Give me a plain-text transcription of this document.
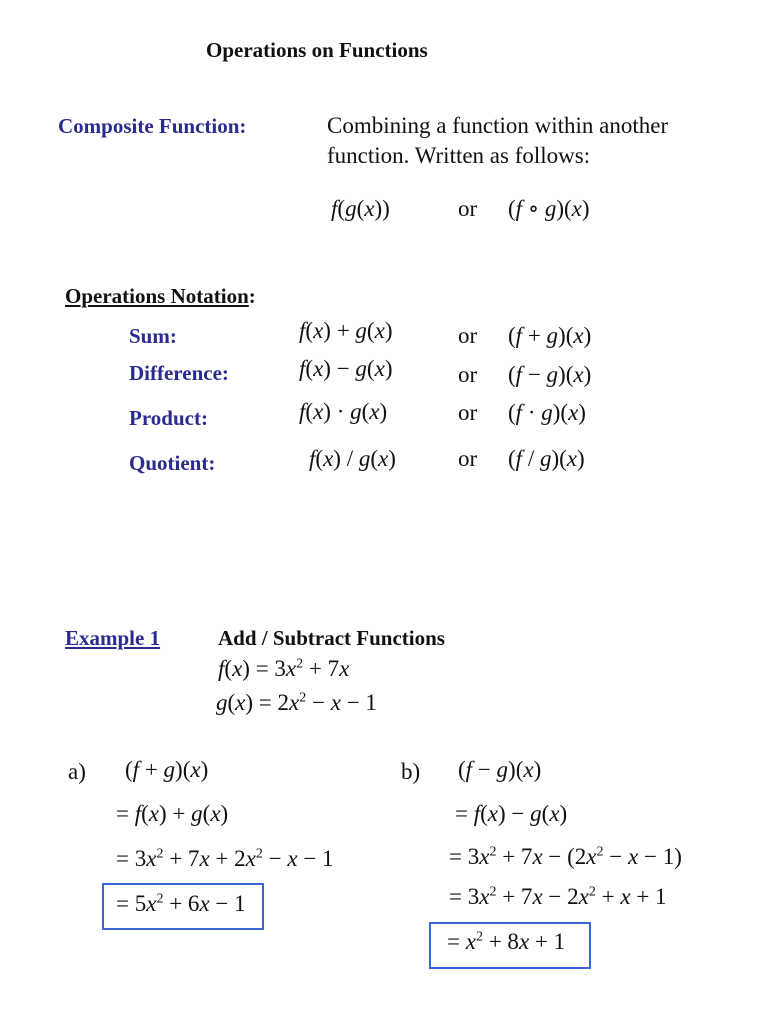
Operations on Functions
Composite Function:	Combining a function within another
function. Written as follows:
f(g(x))	or (f ∘ g)(x)
Operations Notation:
Sum:	f(x) + g(x)	or (f + g)(x)
Difference:	f(x) − g(x)	or (f − g)(x)
Product:	f(x) · g(x)	or (f · g)(x)
Quotient:	f(x) / g(x)	or (f / g)(x)
Example 1	Add / Subtract Functions
$f(x) = 3x^2 + 7x$
$g(x) = 2x^2 - x - 1$
a) (f + g)(x)
= f(x) + g(x)
= $3x^2 + 7x + 2x^2 - x - 1$
= $5x^2 + 6x - 1$
b) (f − g)(x)
= f(x) − g(x)
= $3x^2 + 7x - (2x^2 - x - 1)$
= $3x^2 + 7x - 2x^2 + x + 1$
= $x^2 + 8x + 1$
